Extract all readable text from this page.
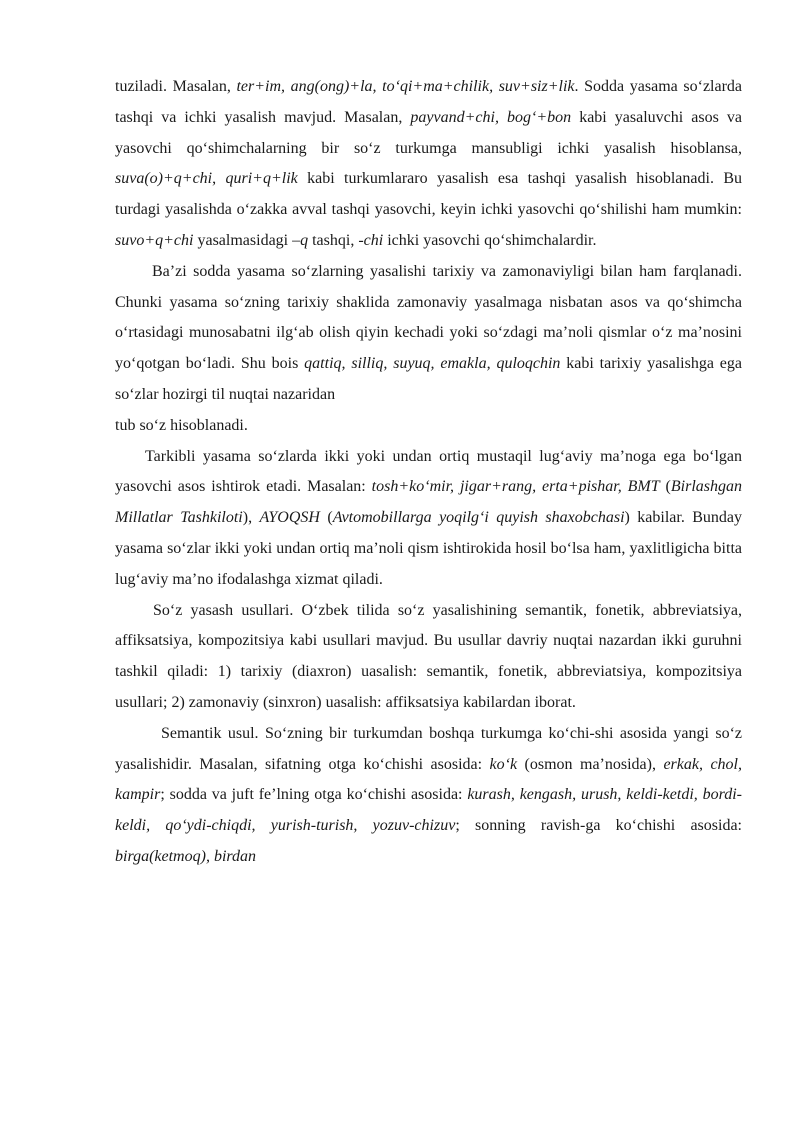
tuziladi. Masalan, ter+im, ang(ong)+la, to‘qi+ma+chilik, suv+siz+lik. Sodda yasama so‘zlarda tashqi va ichki yasalish mavjud. Masalan, payvand+chi, bog‘+bon kabi yasaluvchi asos va yasovchi qo‘shimchalarning bir so‘z turkumga mansubligi ichki yasalish hisoblansa, suva(o)+q+chi, quri+q+lik kabi turkumlararo yasalish esa tashqi yasalish hisoblanadi. Bu turdagi yasalishda o‘zakka avval tashqi yasovchi, keyin ichki yasovchi qo‘shilishi ham mumkin: suvo+q+chi yasalmasidagi –q tashqi, -chi ichki yasovchi qo‘shimchalardir.

Ba’zi sodda yasama so‘zlarning yasalishi tarixiy va zamonaviyligi bilan ham farqlanadi. Chunki yasama so‘zning tarixiy shaklida zamonaviy yasalmaga nisbatan asos va qo‘shimcha o‘rtasidagi munosabatni ilg‘ab olish qiyin kechadi yoki so‘zdagi ma’noli qismlar o‘z ma’nosini yo‘qotgan bo‘ladi. Shu bois qattiq, silliq, suyuq, emakla, quloqchin kabi tarixiy yasalishga ega so‘zlar hozirgi til nuqtai nazaridan

tub so‘z hisoblanadi.

Tarkibli yasama so‘zlarda ikki yoki undan ortiq mustaqil lug‘aviy ma’noga ega bo‘lgan yasovchi asos ishtirok etadi. Masalan: tosh+ko‘mir, jigar+rang, erta+pishar, BMT (Birlashgan Millatlar Tashkiloti), AYOQSH (Avtomobillarga yoqilg‘i quyish shaxobchasi) kabilar. Bunday yasama so‘zlar ikki yoki undan ortiq ma’noli qism ishtirokida hosil bo‘lsa ham, yaxlitligicha bitta lug‘aviy ma’no ifodalashga xizmat qiladi.

So‘z yasash usullari. O‘zbek tilida so‘z yasalishining semantik, fonetik, abbreviatsiya, affiksatsiya, kompozitsiya kabi usullari mavjud. Bu usullar davriy nuqtai nazardan ikki guruhni tashkil qiladi: 1) tarixiy (diaxron) uasalish: semantik, fonetik, abbreviatsiya, kompozitsiya usullari; 2) zamonaviy (sinxron) uasalish: affiksatsiya kabilardan iborat.

Semantik usul. So‘zning bir turkumdan boshqa turkumga ko‘chi-shi asosida yangi so‘z yasalishidir. Masalan, sifatning otga ko‘chishi asosida: ko‘k (osmon ma’nosida), erkak, chol, kampir; sodda va juft fe’lning otga ko‘chishi asosida: kurash, kengash, urush, keldi-ketdi, bordi-keldi, qo‘ydi-chiqdi, yurish-turish, yozuv-chizuv; sonning ravish-ga ko‘chishi asosida: birga(ketmoq), birdan
